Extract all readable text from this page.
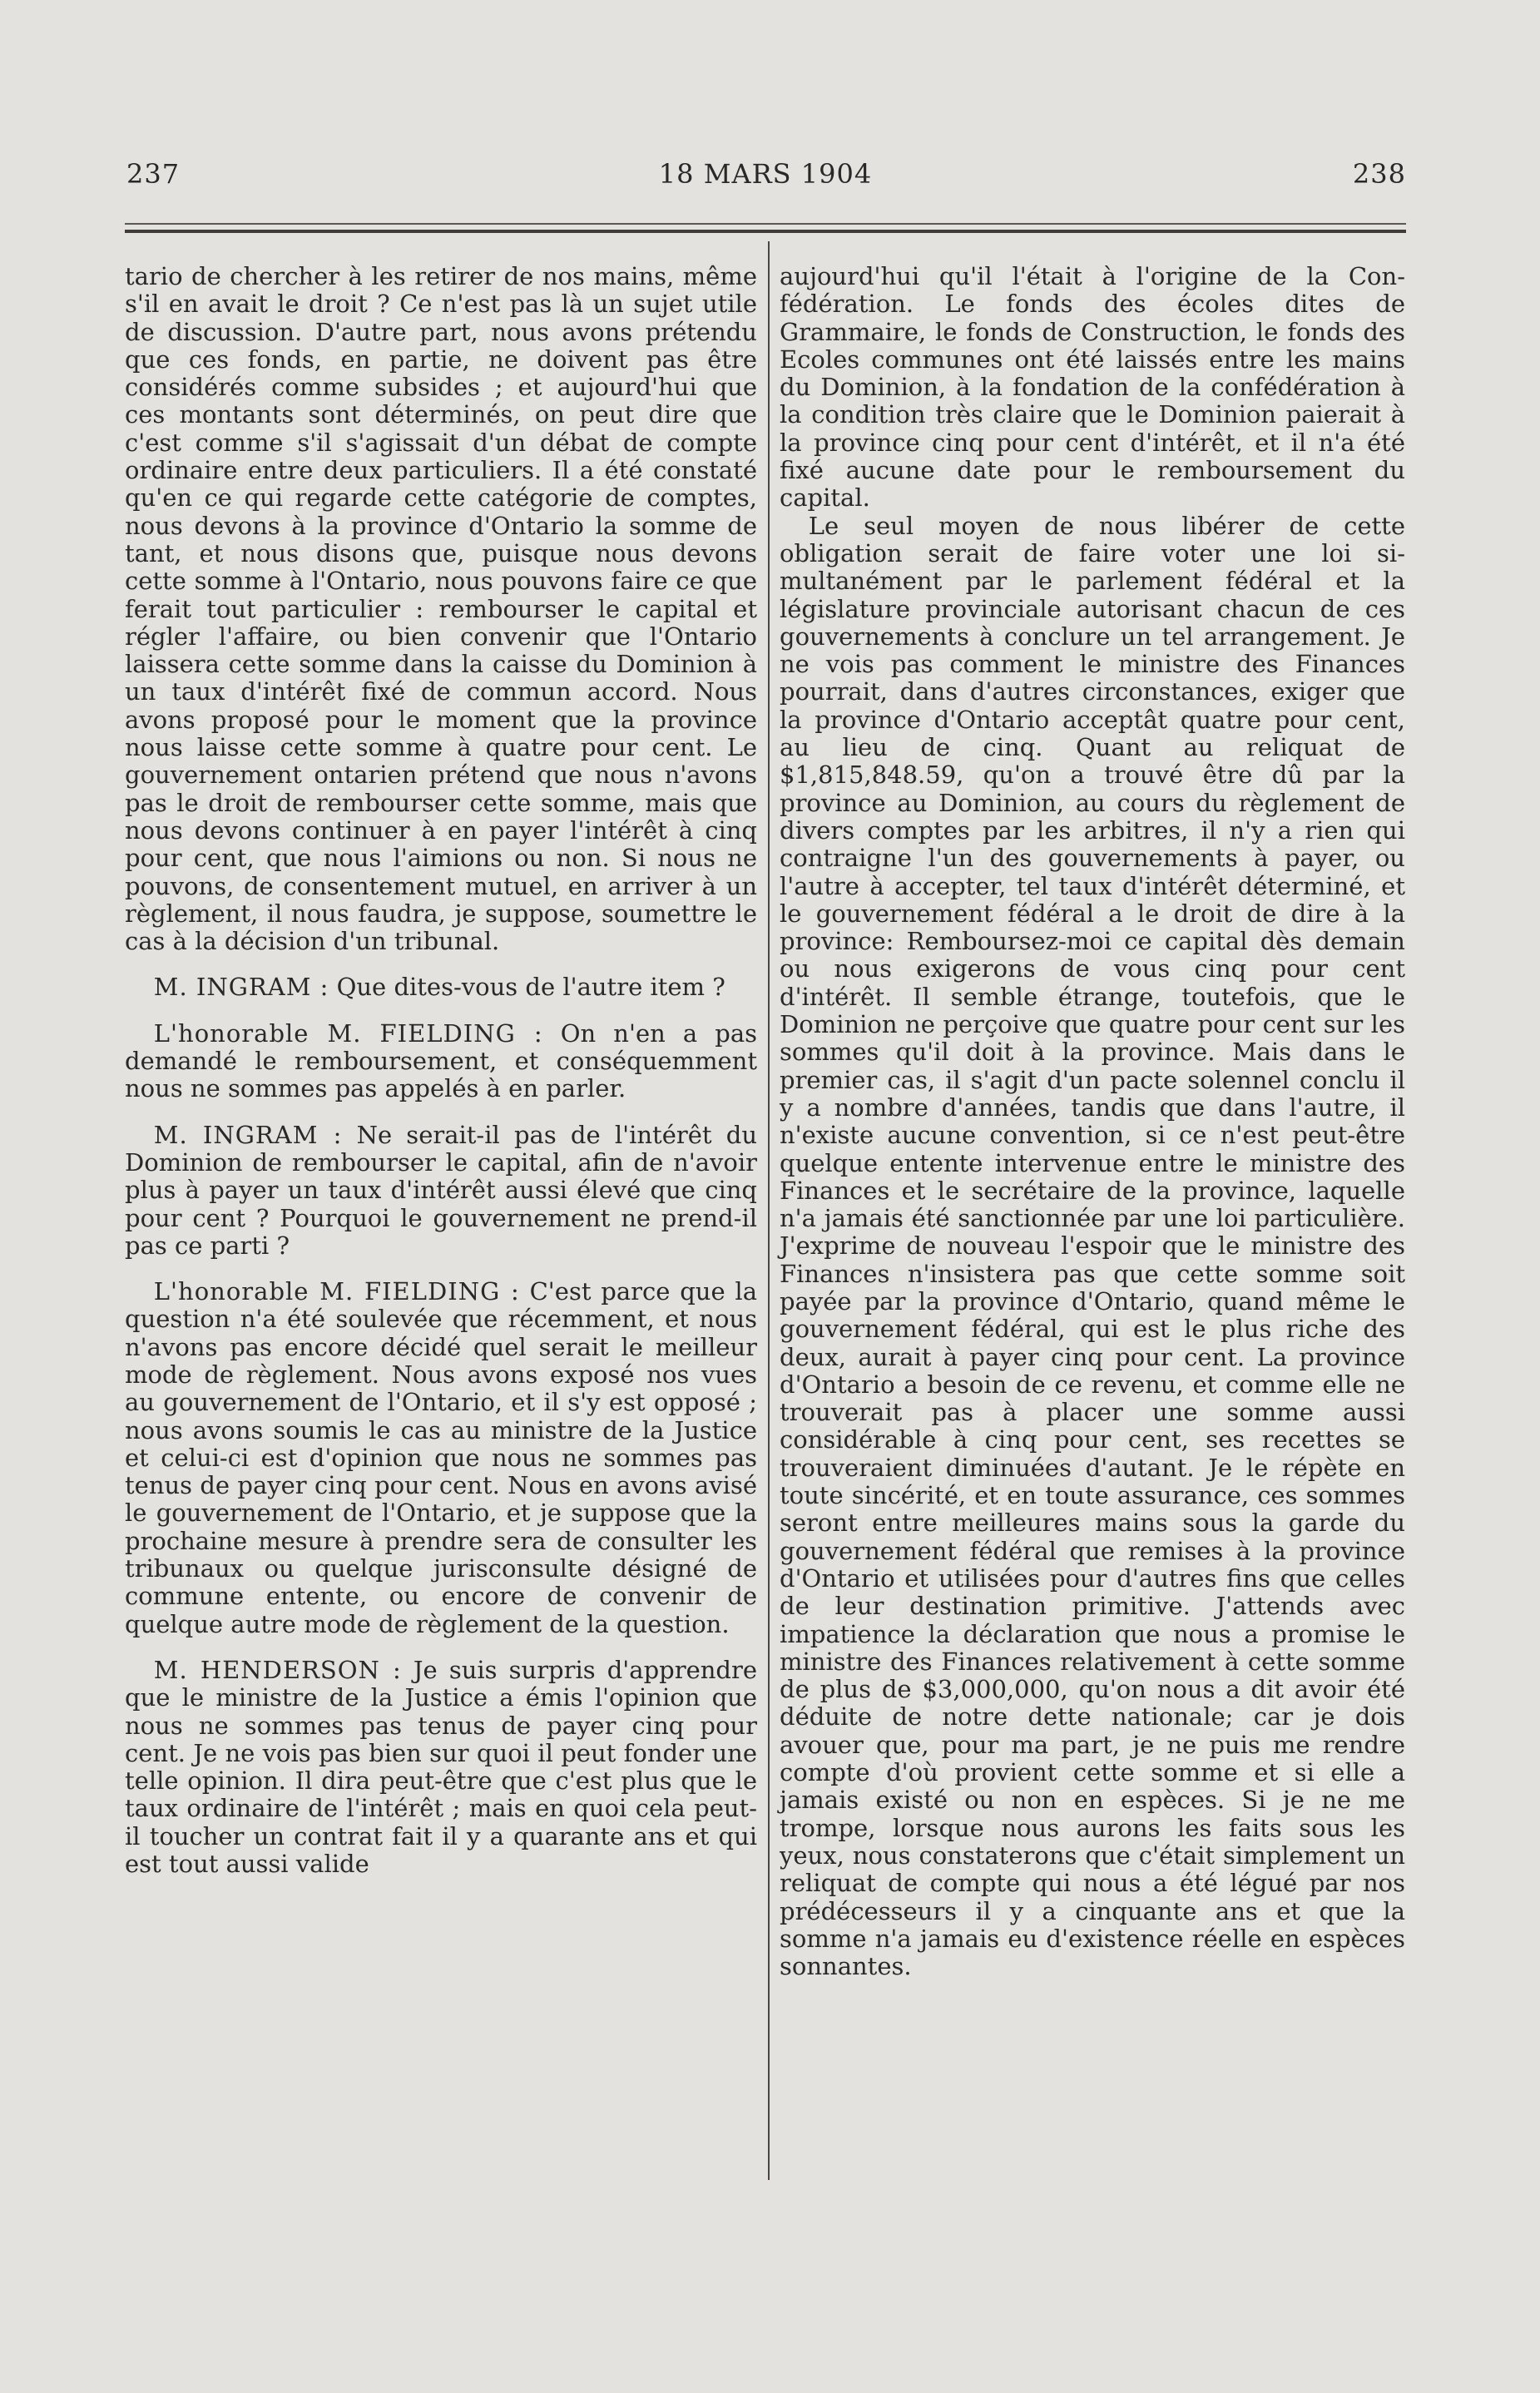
237	18 MARS 1904	238

tario de chercher à les retirer de nos mains, même s'il en avait le droit ? Ce n'est pas là un sujet utile de discussion. D'autre part, nous avons prétendu que ces fonds, en partie, ne doivent pas être considérés comme subsides ; et aujourd'hui que ces montants sont déterminés, on peut dire que c'est comme s'il s'agissait d'un débat de compte ordinaire entre deux particuliers. Il a été constaté qu'en ce qui regarde cette catégorie de comptes, nous devons à la province d'Ontario la somme de tant, et nous disons que, puisque nous devons cette somme à l'Ontario, nous pouvons faire ce que ferait tout particulier : rembourser le capital et régler l'affaire, ou bien convenir que l'Ontario laissera cette somme dans la caisse du Dominion à un taux d'intérêt fixé de commun accord. Nous avons proposé pour le moment que la province nous laisse cette somme à quatre pour cent. Le gouvernement ontarien prétend que nous n'avons pas le droit de rembourser cette somme, mais que nous devons continuer à en payer l'intérêt à cinq pour cent, que nous l'aimions ou non. Si nous ne pouvons, de consentement mutuel, en arriver à un règlement, il nous faudra, je suppose, soumettre le cas à la décision d'un tribunal.

M. INGRAM : Que dites-vous de l'autre item ?

L'honorable M. FIELDING : On n'en a pas demandé le remboursement, et conséquemment nous ne sommes pas appelés à en parler.

M. INGRAM : Ne serait-il pas de l'intérêt du Dominion de rembourser le capital, afin de n'avoir plus à payer un taux d'intérêt aussi élevé que cinq pour cent ? Pourquoi le gouvernement ne prend-il pas ce parti ?

L'honorable M. FIELDING : C'est parce que la question n'a été soulevée que récemment, et nous n'avons pas encore décidé quel serait le meilleur mode de règlement. Nous avons exposé nos vues au gouvernement de l'Ontario, et il s'y est opposé ; nous avons soumis le cas au ministre de la Justice et celui-ci est d'opinion que nous ne sommes pas tenus de payer cinq pour cent. Nous en avons avisé le gouvernement de l'Ontario, et je suppose que la prochaine mesure à prendre sera de consulter les tribunaux ou quelque jurisconsulte désigné de commune entente, ou encore de convenir de quelque autre mode de règlement de la question.

M. HENDERSON : Je suis surpris d'apprendre que le ministre de la Justice a émis l'opinion que nous ne sommes pas tenus de payer cinq pour cent. Je ne vois pas bien sur quoi il peut fonder une telle opinion. Il dira peut-être que c'est plus que le taux ordinaire de l'intérêt ; mais en quoi cela peut-il toucher un contrat fait il y a quarante ans et qui est tout aussi valide

aujourd'hui qu'il l'était à l'origine de la Confédération. Le fonds des écoles dites de Grammaire, le fonds de Construction, le fonds des Ecoles communes ont été laissés entre les mains du Dominion, à la fondation de la confédération à la condition très claire que le Dominion paierait à la province cinq pour cent d'intérêt, et il n'a été fixé aucune date pour le remboursement du capital.

Le seul moyen de nous libérer de cette obligation serait de faire voter une loi simultanément par le parlement fédéral et la législature provinciale autorisant chacun de ces gouvernements à conclure un tel arrangement. Je ne vois pas comment le ministre des Finances pourrait, dans d'autres circonstances, exiger que la province d'Ontario acceptât quatre pour cent, au lieu de cinq. Quant au reliquat de $1,815,848.59, qu'on a trouvé être dû par la province au Dominion, au cours du règlement de divers comptes par les arbitres, il n'y a rien qui contraigne l'un des gouvernements à payer, ou l'autre à accepter, tel taux d'intérêt déterminé, et le gouvernement fédéral a le droit de dire à la province: Remboursez-moi ce capital dès demain ou nous exigerons de vous cinq pour cent d'intérêt. Il semble étrange, toutefois, que le Dominion ne perçoive que quatre pour cent sur les sommes qu'il doit à la province. Mais dans le premier cas, il s'agit d'un pacte solennel conclu il y a nombre d'années, tandis que dans l'autre, il n'existe aucune convention, si ce n'est peut-être quelque entente intervenue entre le ministre des Finances et le secrétaire de la province, laquelle n'a jamais été sanctionnée par une loi particulière. J'exprime de nouveau l'espoir que le ministre des Finances n'insistera pas que cette somme soit payée par la province d'Ontario, quand même le gouvernement fédéral, qui est le plus riche des deux, aurait à payer cinq pour cent. La province d'Ontario a besoin de ce revenu, et comme elle ne trouverait pas à placer une somme aussi considérable à cinq pour cent, ses recettes se trouveraient diminuées d'autant. Je le répète en toute sincérité, et en toute assurance, ces sommes seront entre meilleures mains sous la garde du gouvernement fédéral que remises à la province d'Ontario et utilisées pour d'autres fins que celles de leur destination primitive. J'attends avec impatience la déclaration que nous a promise le ministre des Finances relativement à cette somme de plus de $3,000,000, qu'on nous a dit avoir été déduite de notre dette nationale; car je dois avouer que, pour ma part, je ne puis me rendre compte d'où provient cette somme et si elle a jamais existé ou non en espèces. Si je ne me trompe, lorsque nous aurons les faits sous les yeux, nous constaterons que c'était simplement un reliquat de compte qui nous a été légué par nos prédécesseurs il y a cinquante ans et que la somme n'a jamais eu d'existence réelle en espèces sonnantes.
